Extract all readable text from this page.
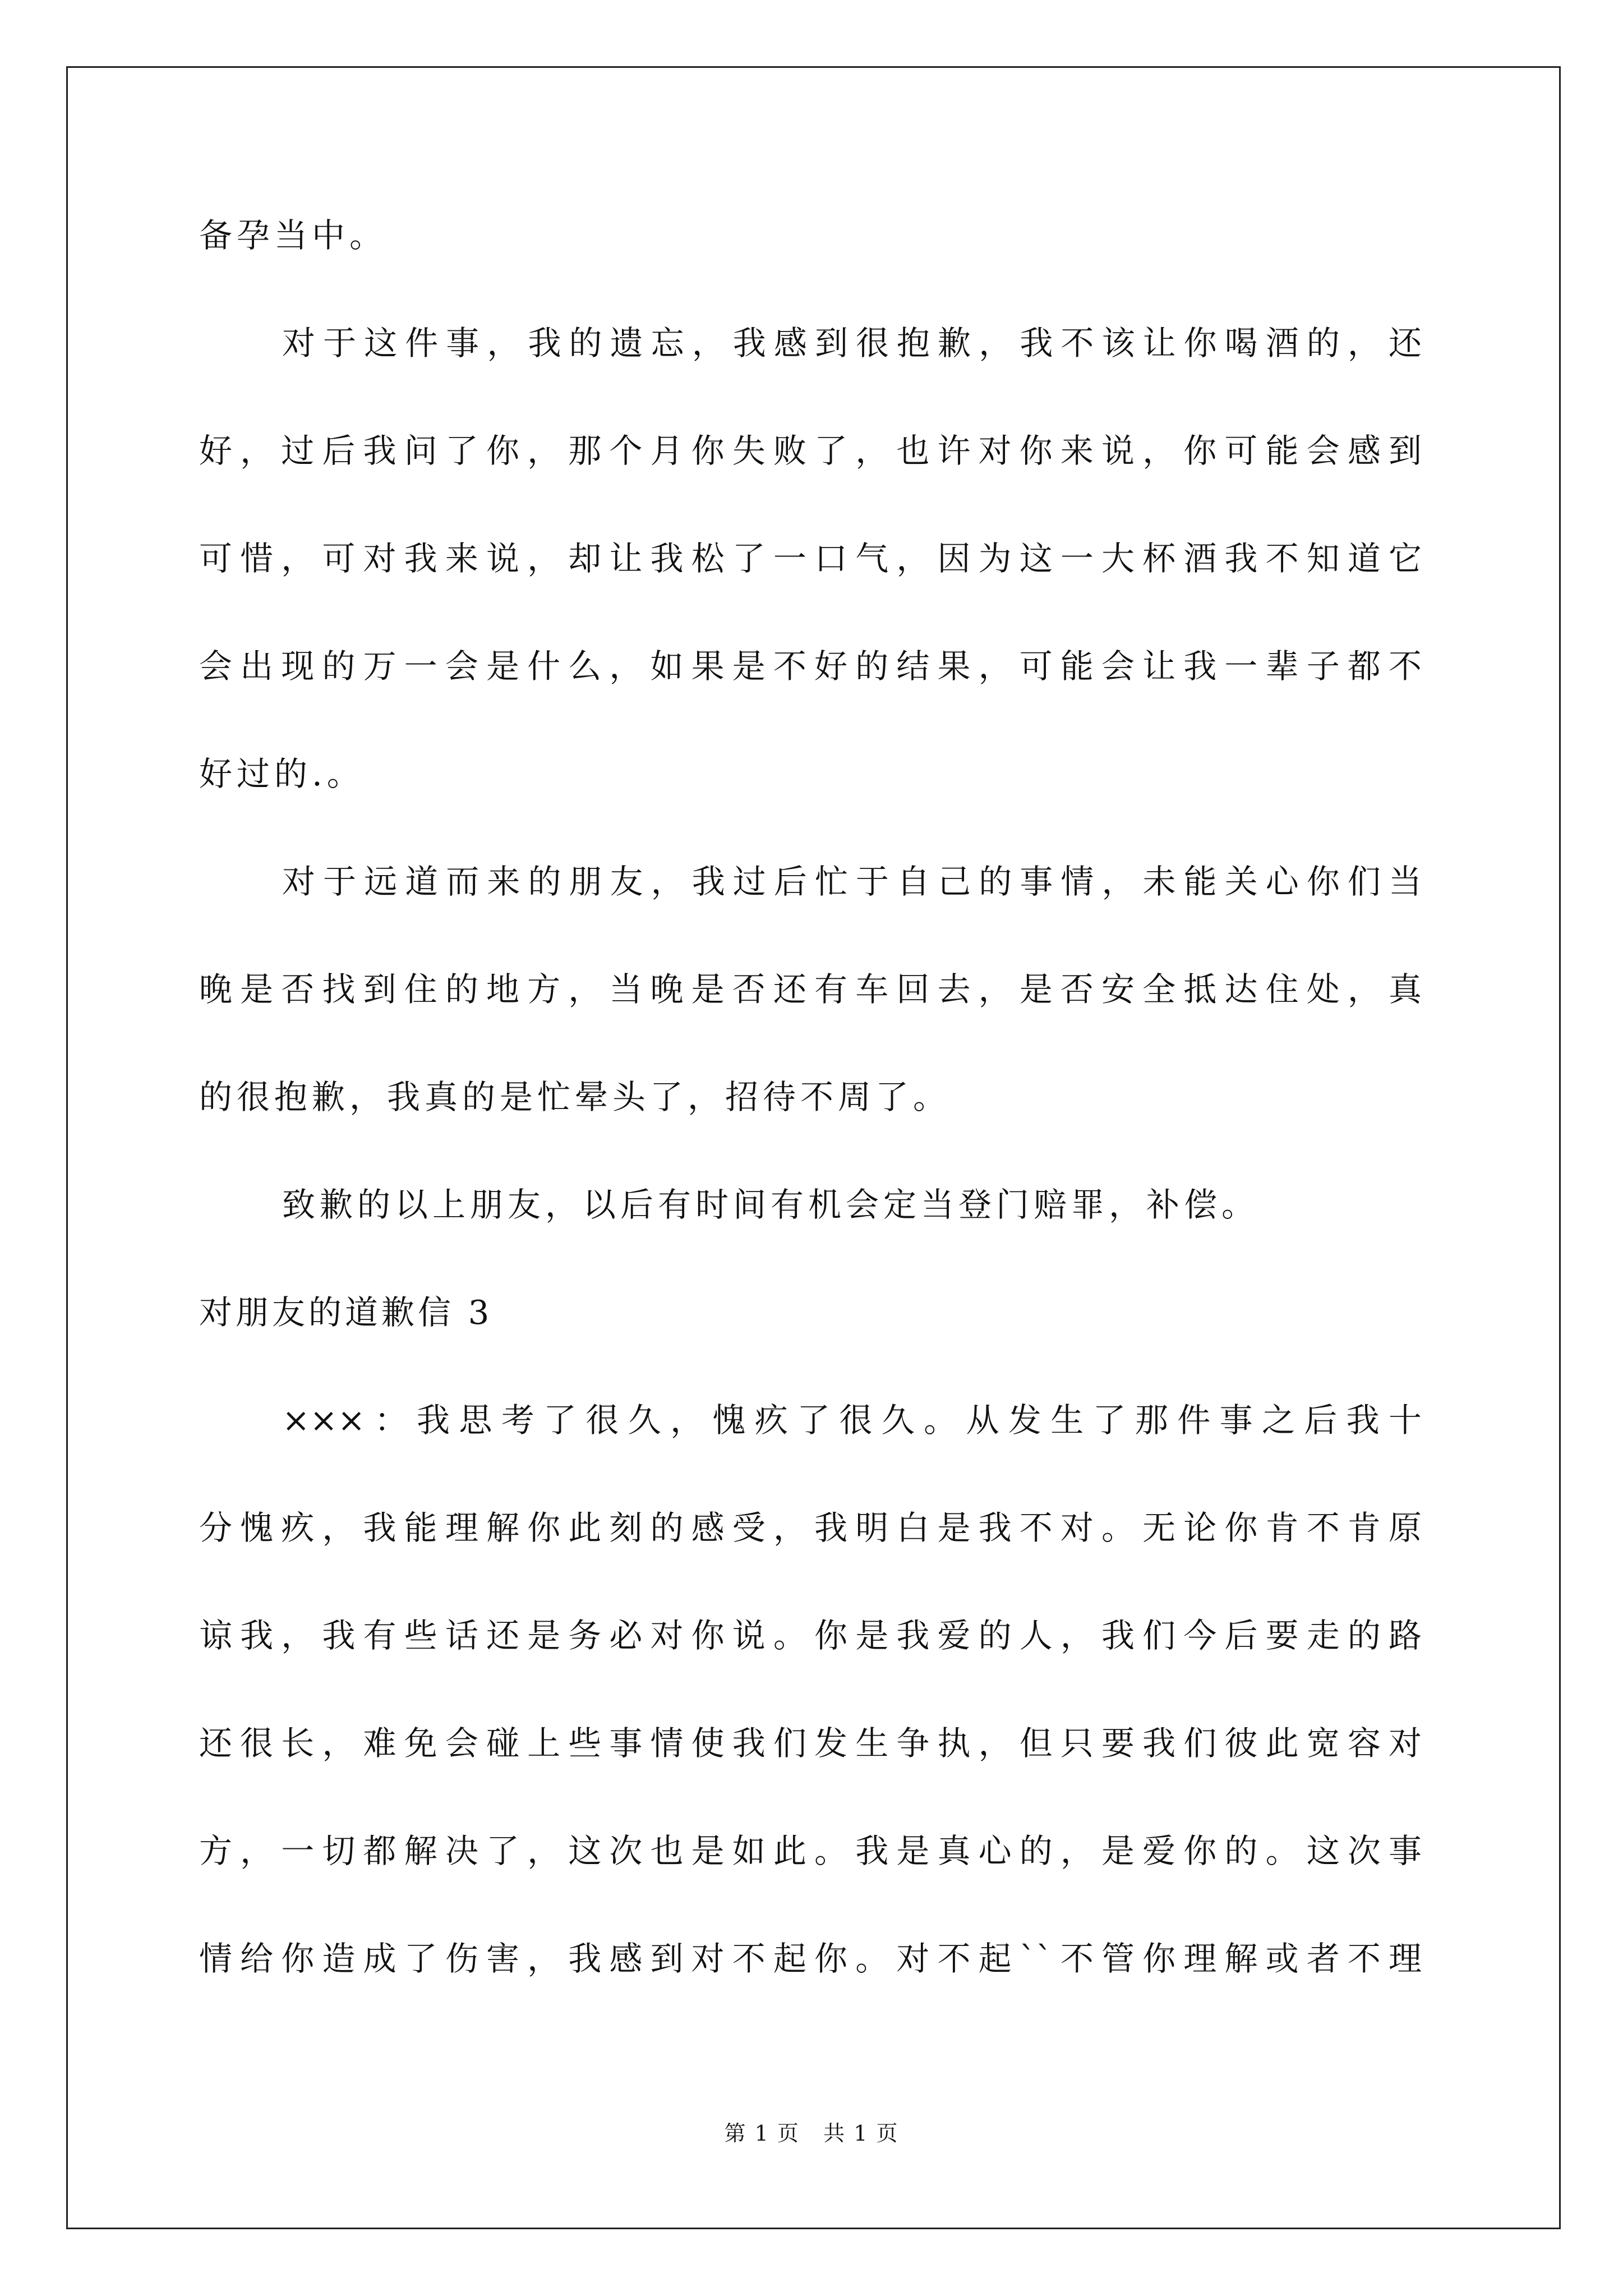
备孕当中。
对于这件事，我的遗忘，我感到很抱歉，我不该让你喝酒的，还
好，过后我问了你，那个月你失败了，也许对你来说，你可能会感到
可惜，可对我来说，却让我松了一口气，因为这一大杯酒我不知道它
会出现的万一会是什么，如果是不好的结果，可能会让我一辈子都不
好过的.。
对于远道而来的朋友，我过后忙于自己的事情，未能关心你们当
晚是否找到住的地方，当晚是否还有车回去，是否安全抵达住处，真
的很抱歉，我真的是忙晕头了，招待不周了。
致歉的以上朋友，以后有时间有机会定当登门赔罪，补偿。
对朋友的道歉信 3
×××：我思考了很久，愧疚了很久。从发生了那件事之后我十
分愧疚，我能理解你此刻的感受，我明白是我不对。无论你肯不肯原
谅我，我有些话还是务必对你说。你是我爱的人，我们今后要走的路
还很长，难免会碰上些事情使我们发生争执，但只要我们彼此宽容对
方，一切都解决了，这次也是如此。我是真心的，是爱你的。这次事
情给你造成了伤害，我感到对不起你。对不起``不管你理解或者不理
第 1 页 共 1 页
